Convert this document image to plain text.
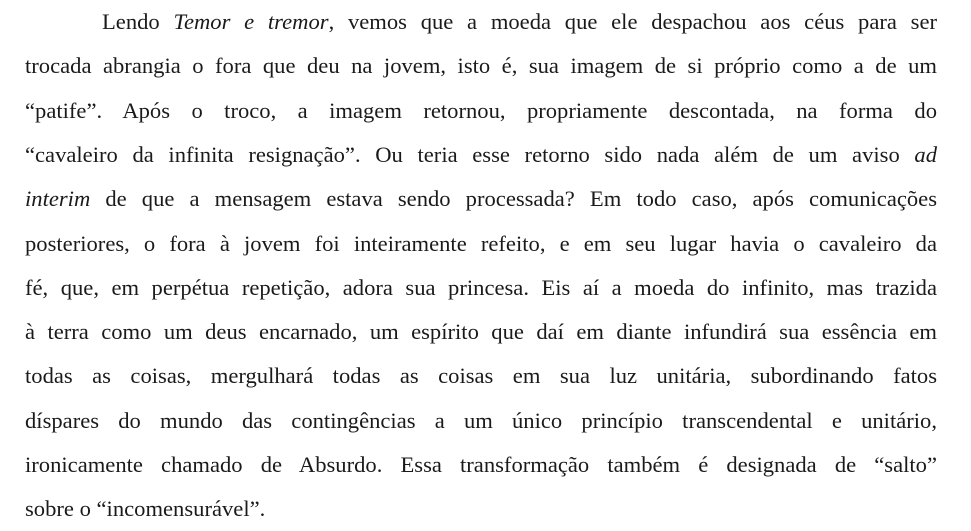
Lendo Temor e tremor, vemos que a moeda que ele despachou aos céus para ser
trocada abrangia o fora que deu na jovem, isto é, sua imagem de si próprio como a de um
“patife”. Após o troco, a imagem retornou, propriamente descontada, na forma do
“cavaleiro da infinita resignação”. Ou teria esse retorno sido nada além de um aviso ad
interim de que a mensagem estava sendo processada? Em todo caso, após comunicações
posteriores, o fora à jovem foi inteiramente refeito, e em seu lugar havia o cavaleiro da
fé, que, em perpétua repetição, adora sua princesa. Eis aí a moeda do infinito, mas trazida
à terra como um deus encarnado, um espírito que daí em diante infundirá sua essência em
todas as coisas, mergulhará todas as coisas em sua luz unitária, subordinando fatos
díspares do mundo das contingências a um único princípio transcendental e unitário,
ironicamente chamado de Absurdo. Essa transformação também é designada de “salto”
sobre o “incomensurável”.
